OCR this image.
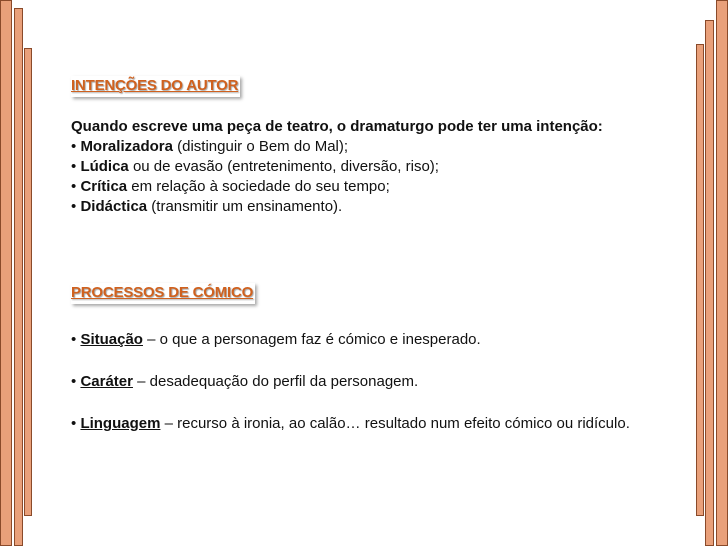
INTENÇÕES DO AUTOR
Quando escreve uma peça de teatro, o dramaturgo pode ter uma intenção:
• Moralizadora (distinguir o Bem do Mal);
• Lúdica ou de evasão (entretenimento, diversão, riso);
• Crítica em relação à sociedade do seu tempo;
• Didáctica (transmitir um ensinamento).
PROCESSOS DE CÓMICO
• Situação – o que a personagem faz é cómico e inesperado.
• Caráter – desadequação do perfil da personagem.
• Linguagem – recurso à ironia, ao calão… resultado num efeito cómico ou ridículo.
